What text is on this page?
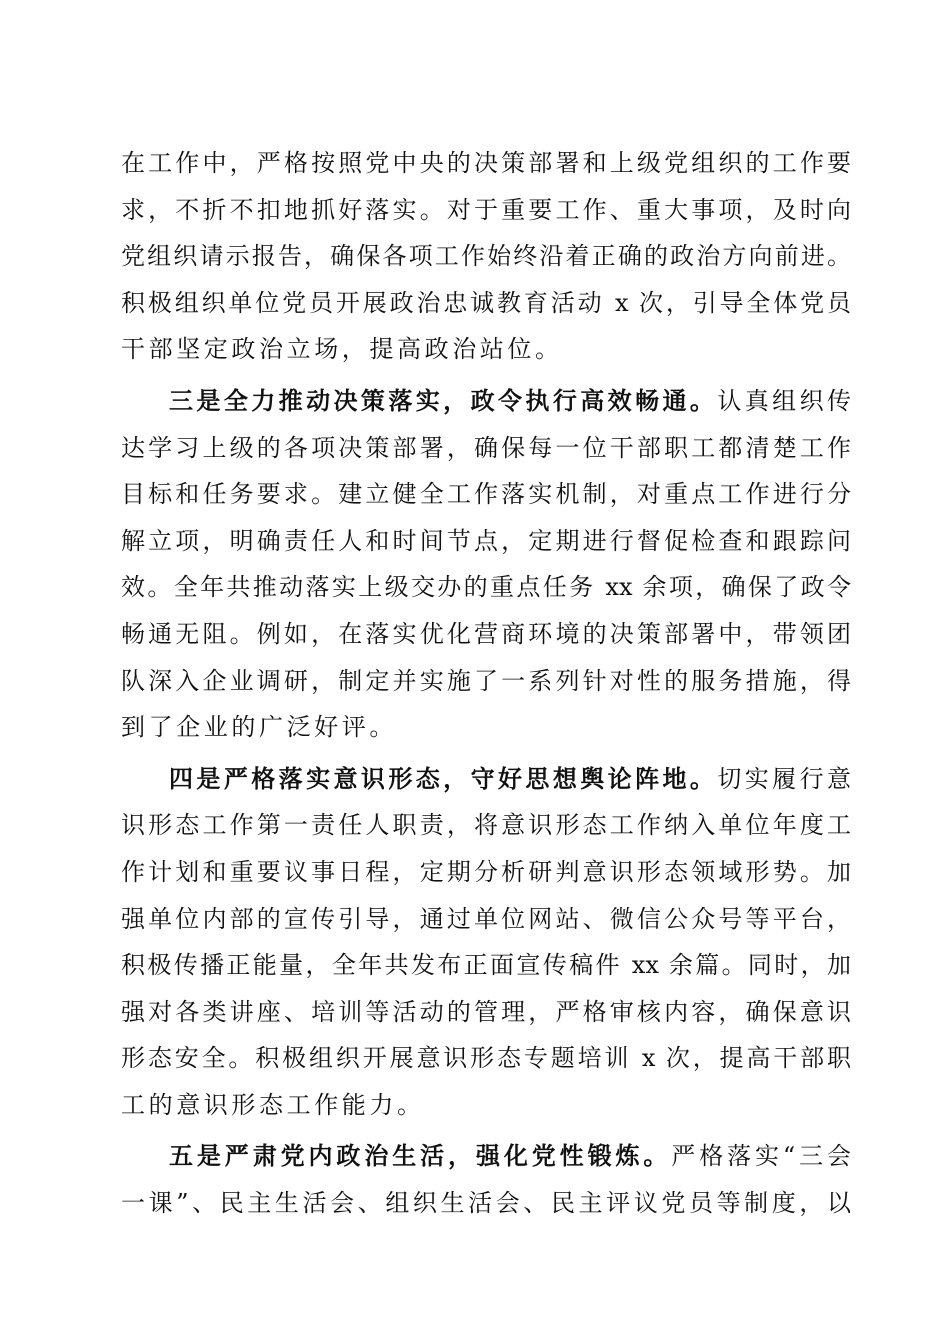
在工作中，严格按照党中央的决策部署和上级党组织的工作要
求，不折不扣地抓好落实。对于重要工作、重大事项，及时向
党组织请示报告，确保各项工作始终沿着正确的政治方向前进。
积极组织单位党员开展政治忠诚教育活动 x 次，引导全体党员
干部坚定政治立场，提高政治站位。
三是全力推动决策落实，政令执行高效畅通。认真组织传
达学习上级的各项决策部署，确保每一位干部职工都清楚工作
目标和任务要求。建立健全工作落实机制，对重点工作进行分
解立项，明确责任人和时间节点，定期进行督促检查和跟踪问
效。全年共推动落实上级交办的重点任务 xx 余项，确保了政令
畅通无阻。例如，在落实优化营商环境的决策部署中，带领团
队深入企业调研，制定并实施了一系列针对性的服务措施，得
到了企业的广泛好评。
四是严格落实意识形态，守好思想舆论阵地。切实履行意
识形态工作第一责任人职责，将意识形态工作纳入单位年度工
作计划和重要议事日程，定期分析研判意识形态领域形势。加
强单位内部的宣传引导，通过单位网站、微信公众号等平台，
积极传播正能量，全年共发布正面宣传稿件 xx 余篇。同时，加
强对各类讲座、培训等活动的管理，严格审核内容，确保意识
形态安全。积极组织开展意识形态专题培训 x 次，提高干部职
工的意识形态工作能力。
五是严肃党内政治生活，强化党性锻炼。严格落实“三会
一课”、民主生活会、组织生活会、民主评议党员等制度，以
